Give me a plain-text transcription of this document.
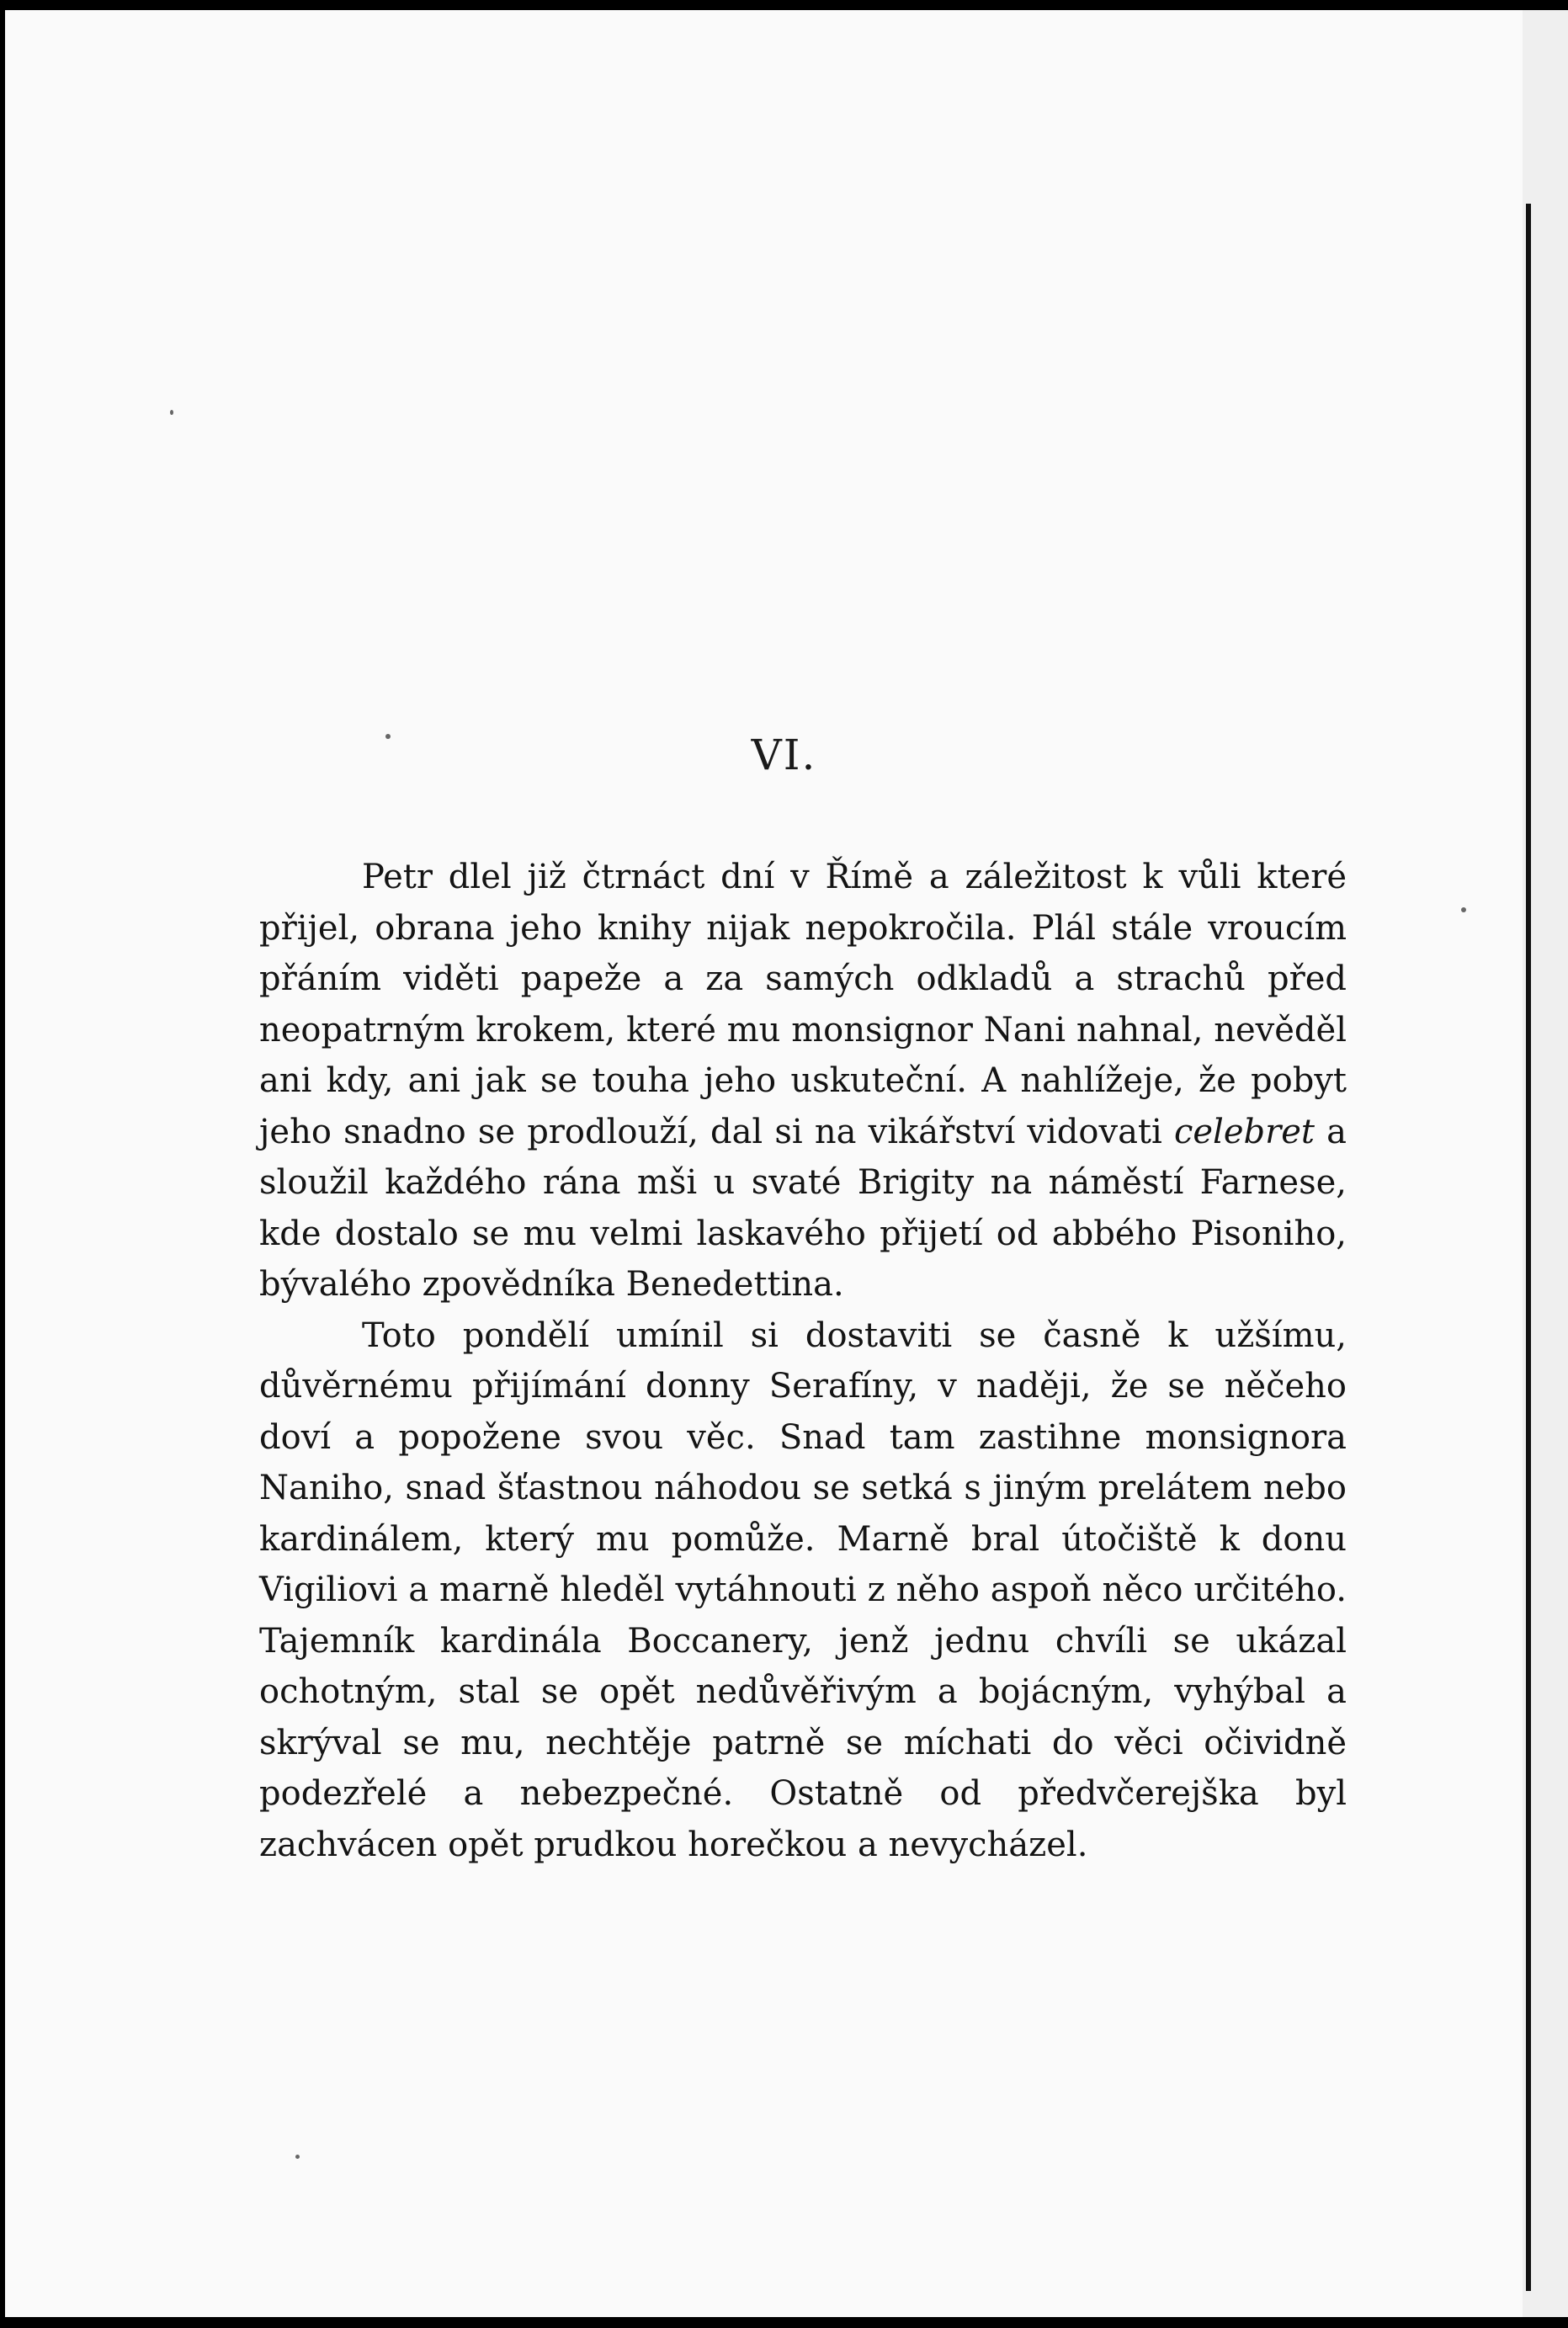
VI.

Petr dlel již čtrnáct dní v Římě a záležitost k vůli které přijel, obrana jeho knihy nijak nepokročila. Plál stále vroucím přáním viděti papeže a za samých odkladů a strachů před neopatrným krokem, které mu monsignor Nani nahnal, nevěděl ani kdy, ani jak se touha jeho uskuteční. A nahlížeje, že pobyt jeho snadno se prodlouží, dal si na vikářství vidovati celebret a sloužil každého rána mši u svaté Brigity na náměstí Farnese, kde dostalo se mu velmi laskavého přijetí od abbého Pisoniho, bývalého zpovědníka Benedettina.

Toto pondělí umínil si dostaviti se časně k užšímu, důvěrnému přijímání donny Serafíny, v naději, že se něčeho doví a popožene svou věc. Snad tam zastihne monsignora Naniho, snad šťastnou náhodou se setká s jiným prelátem nebo kardinálem, který mu pomůže. Marně bral útočiště k donu Vigiliovi a marně hleděl vytáhnouti z něho aspoň něco určitého. Tajemník kardinála Boccanery, jenž jednu chvíli se ukázal ochotným, stal se opět nedůvěřivým a bojácným, vyhýbal a skrýval se mu, nechtěje patrně se míchati do věci očividně podezřelé a nebezpečné. Ostatně od předvčerejška byl zachvácen opět prudkou horečkou a nevycházel.
